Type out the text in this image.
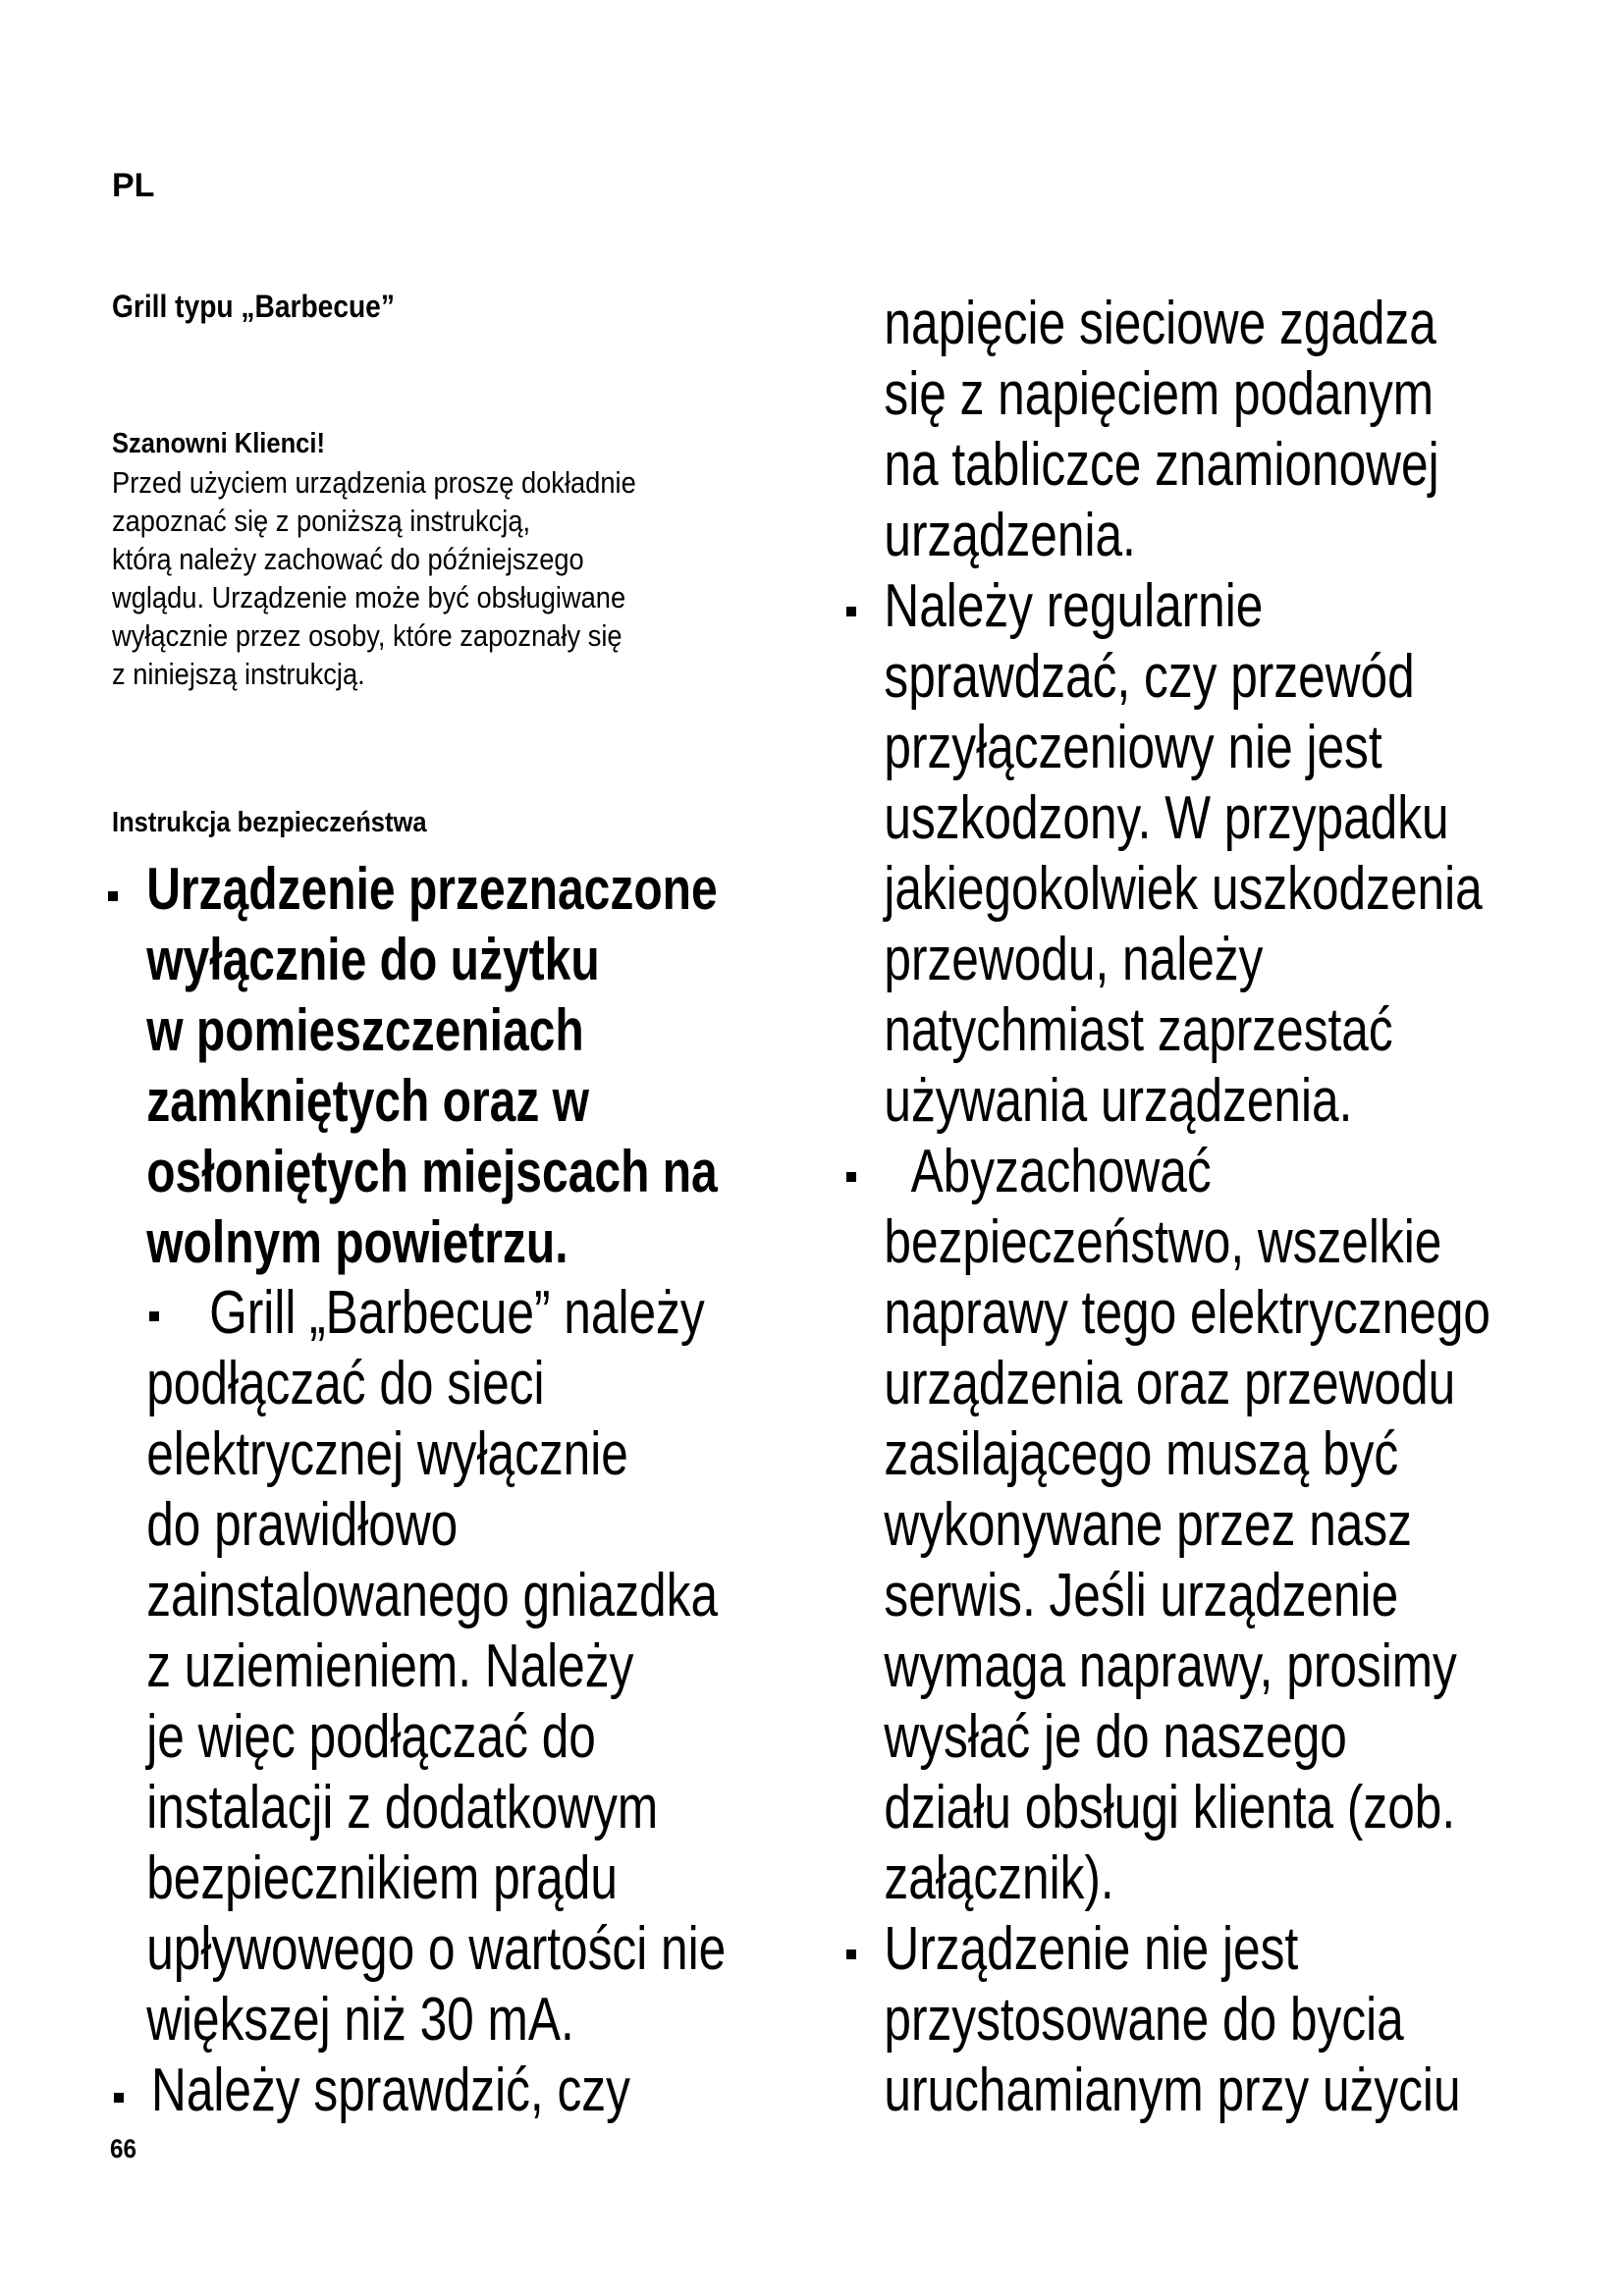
PL
Grill typu „Barbecue”
Szanowni Klienci!

Przed użyciem urządzenia proszę dokładnie
zapoznać się z poniższą instrukcją,
którą należy zachować do późniejszego
wglądu. Urządzenie może być obsługiwane
wyłącznie przez osoby, które zapoznały się
z niniejszą instrukcją.

Instrukcja bezpieczeństwa
Urządzenie przeznaczone
wyłącznie do użytku
w pomieszczeniach
zamkniętych oraz w
osłoniętych miejscach na
wolnym powietrzu.
Grill „Barbecue” należy
podłączać do sieci
elektrycznej wyłącznie
do prawidłowo
zainstalowanego gniazdka
z uziemieniem. Należy
je więc podłączać do
instalacji z dodatkowym
bezpiecznikiem prądu
upływowego o wartości nie
większej niż 30 mA.
Należy sprawdzić, czy
napięcie sieciowe zgadza
się z napięciem podanym
na tabliczce znamionowej
urządzenia.
Należy regularnie
sprawdzać, czy przewód
przyłączeniowy nie jest
uszkodzony. W przypadku
jakiegokolwiek uszkodzenia
przewodu, należy
natychmiast zaprzestać
używania urządzenia.
Abyzachować
bezpieczeństwo, wszelkie
naprawy tego elektrycznego
urządzenia oraz przewodu
zasilającego muszą być
wykonywane przez nasz
serwis. Jeśli urządzenie
wymaga naprawy, prosimy
wysłać je do naszego
działu obsługi klienta (zob.
załącznik).
Urządzenie nie jest
przystosowane do bycia
uruchamianym przy użyciu
66
